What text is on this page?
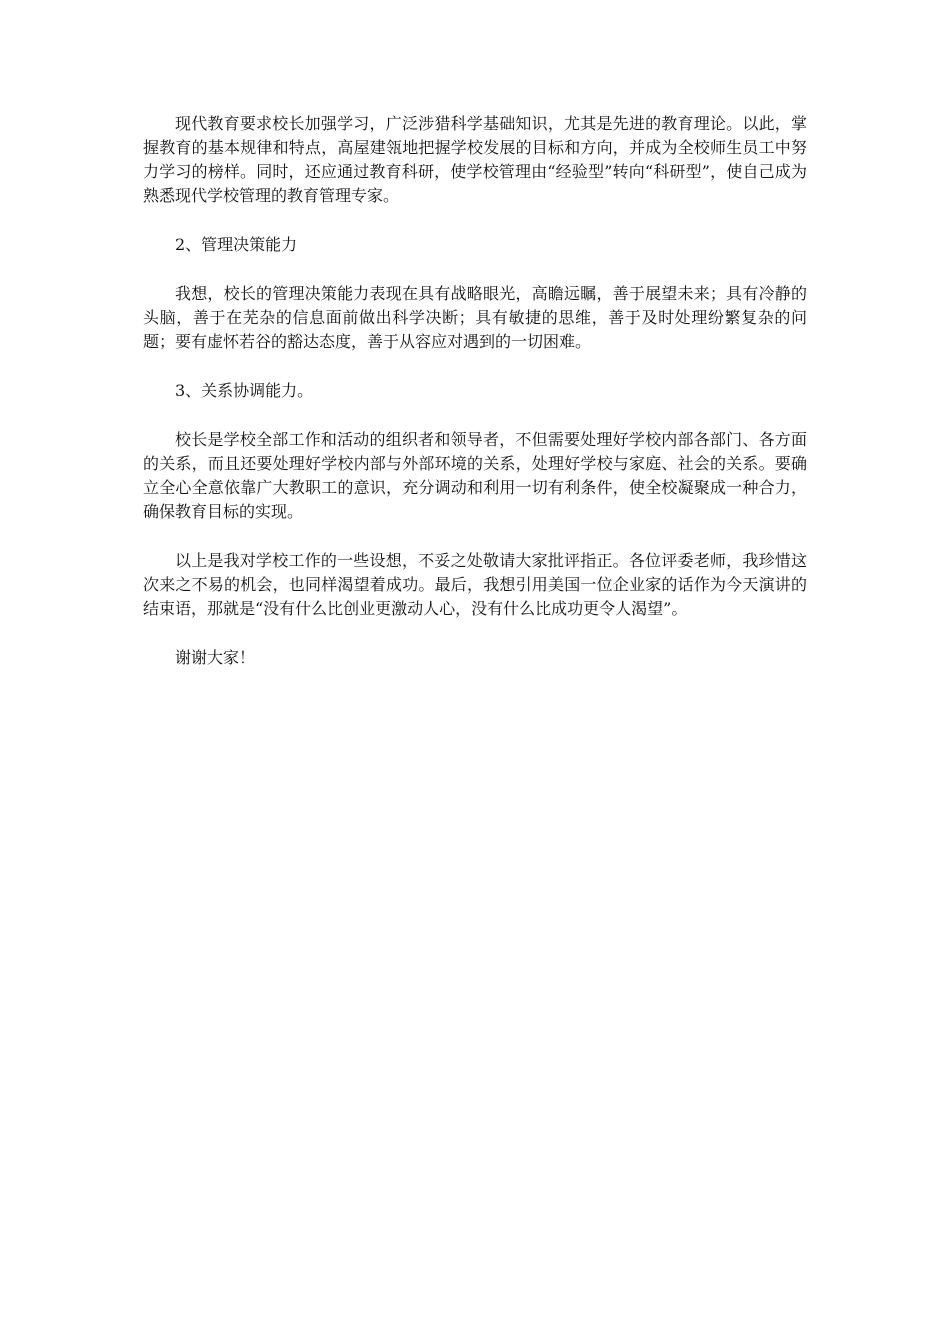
现代教育要求校长加强学习，广泛涉猎科学基础知识，尤其是先进的教育理论。以此，掌握教育的基本规律和特点，高屋建瓴地把握学校发展的目标和方向，并成为全校师生员工中努力学习的榜样。同时，还应通过教育科研，使学校管理由“经验型”转向“科研型”，使自己成为熟悉现代学校管理的教育管理专家。

2、管理决策能力

我想，校长的管理决策能力表现在具有战略眼光，高瞻远瞩，善于展望未来；具有冷静的头脑，善于在芜杂的信息面前做出科学决断；具有敏捷的思维，善于及时处理纷繁复杂的问题；要有虚怀若谷的豁达态度，善于从容应对遇到的一切困难。

3、关系协调能力。

校长是学校全部工作和活动的组织者和领导者，不但需要处理好学校内部各部门、各方面的关系，而且还要处理好学校内部与外部环境的关系，处理好学校与家庭、社会的关系。要确立全心全意依靠广大教职工的意识，充分调动和利用一切有利条件，使全校凝聚成一种合力，确保教育目标的实现。

以上是我对学校工作的一些设想，不妥之处敬请大家批评指正。各位评委老师，我珍惜这次来之不易的机会，也同样渴望着成功。最后，我想引用美国一位企业家的话作为今天演讲的结束语，那就是“没有什么比创业更激动人心，没有什么比成功更令人渴望”。

谢谢大家！
